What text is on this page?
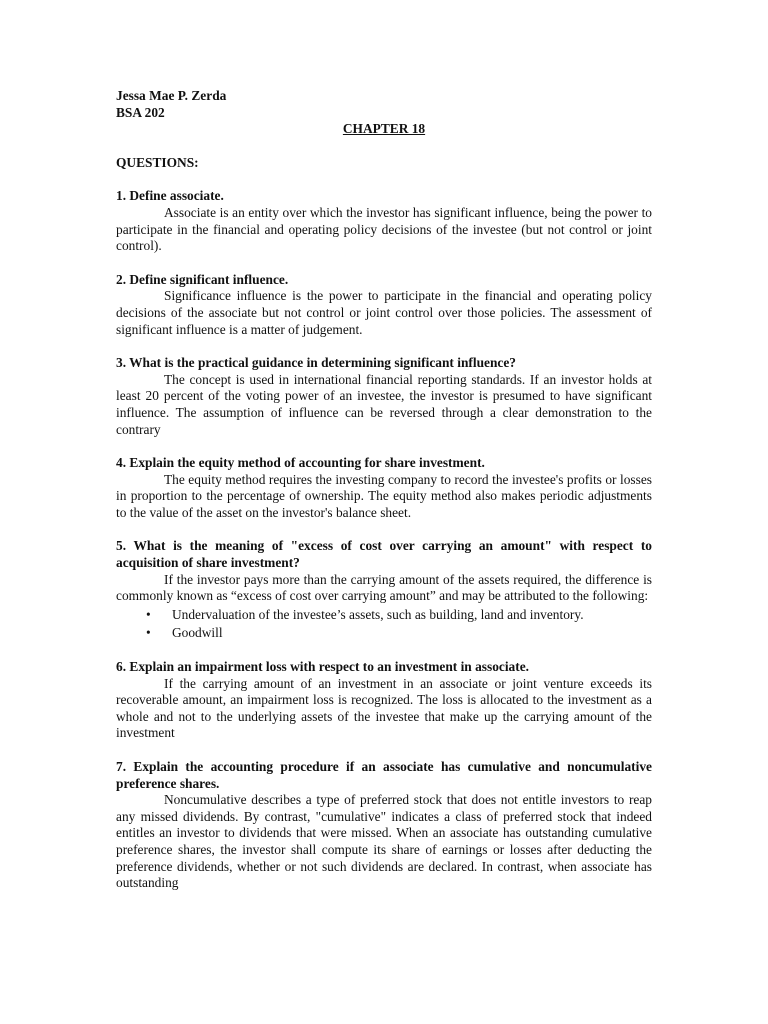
Jessa Mae P. Zerda

BSA 202

CHAPTER 18

QUESTIONS:

1. Define associate.

Associate is an entity over which the investor has significant influence, being the power to participate in the financial and operating policy decisions of the investee (but not control or joint control).

2. Define significant influence.

Significance influence is the power to participate in the financial and operating policy decisions of the associate but not control or joint control over those policies. The assessment of significant influence is a matter of judgement.

3. What is the practical guidance in determining significant influence?

The concept is used in international financial reporting standards. If an investor holds at least 20 percent of the voting power of an investee, the investor is presumed to have significant influence. The assumption of influence can be reversed through a clear demonstration to the contrary

4. Explain the equity method of accounting for share investment.

The equity method requires the investing company to record the investee's profits or losses in proportion to the percentage of ownership. The equity method also makes periodic adjustments to the value of the asset on the investor's balance sheet.

5. What is the meaning of "excess of cost over carrying an amount" with respect to acquisition of share investment?

If the investor pays more than the carrying amount of the assets required, the difference is commonly known as “excess of cost over carrying amount” and may be attributed to the following:

• Undervaluation of the investee’s assets, such as building, land and inventory.
• Goodwill

6. Explain an impairment loss with respect to an investment in associate.

If the carrying amount of an investment in an associate or joint venture exceeds its recoverable amount, an impairment loss is recognized. The loss is allocated to the investment as a whole and not to the underlying assets of the investee that make up the carrying amount of the investment

7. Explain the accounting procedure if an associate has cumulative and noncumulative preference shares.

Noncumulative describes a type of preferred stock that does not entitle investors to reap any missed dividends. By contrast, "cumulative" indicates a class of preferred stock that indeed entitles an investor to dividends that were missed. When an associate has outstanding cumulative preference shares, the investor shall compute its share of earnings or losses after deducting the preference dividends, whether or not such dividends are declared. In contrast, when associate has outstanding
